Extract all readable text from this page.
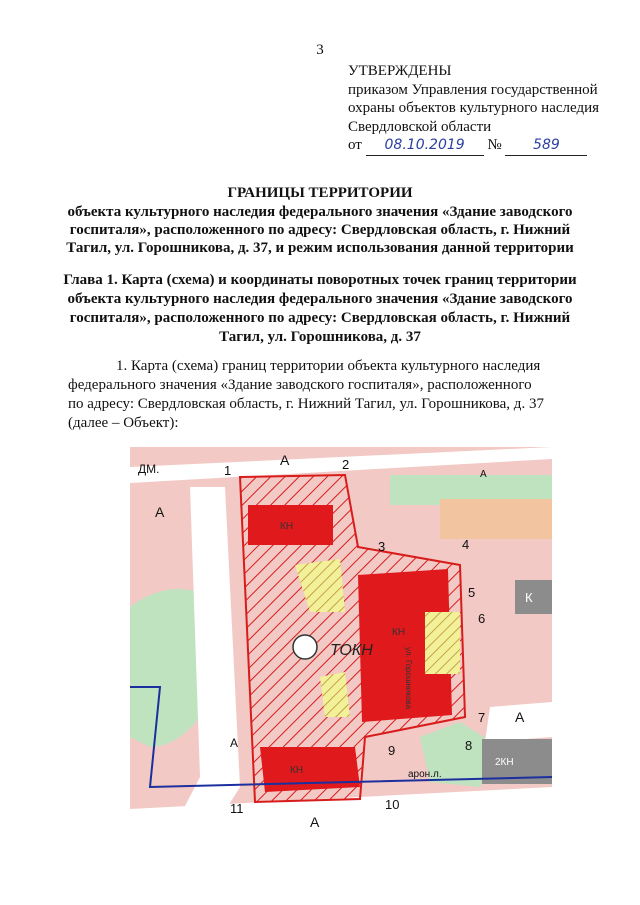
3
УТВЕРЖДЕНЫ
приказом Управления государственной
охраны объектов культурного наследия
Свердловской области
от 08.10.2019 № 589
ГРАНИЦЫ ТЕРРИТОРИИ
объекта культурного наследия федерального значения «Здание заводского
госпиталя», расположенного по адресу: Свердловская область, г. Нижний
Тагил, ул. Горошникова, д. 37, и режим использования данной территории
Глава 1. Карта (схема) и координаты поворотных точек границ территории
объекта культурного наследия федерального значения «Здание заводского
госпиталя», расположенного по адресу: Свердловская область, г. Нижний
Тагил, ул. Горошникова, д. 37
1. Карта (схема) границ территории объекта культурного наследия
федерального значения «Здание заводского госпиталя», расположенного
по адресу: Свердловская область, г. Нижний Тагил, ул. Горошникова, д. 37
(далее – Объект):
ДМ.
А
А
К
2КН
КН
КН
КН
ТОКН
арон.л.
А
А
А
А
ул. Горошникова
1	2
3	4
5
6
7
8
9
10
11
